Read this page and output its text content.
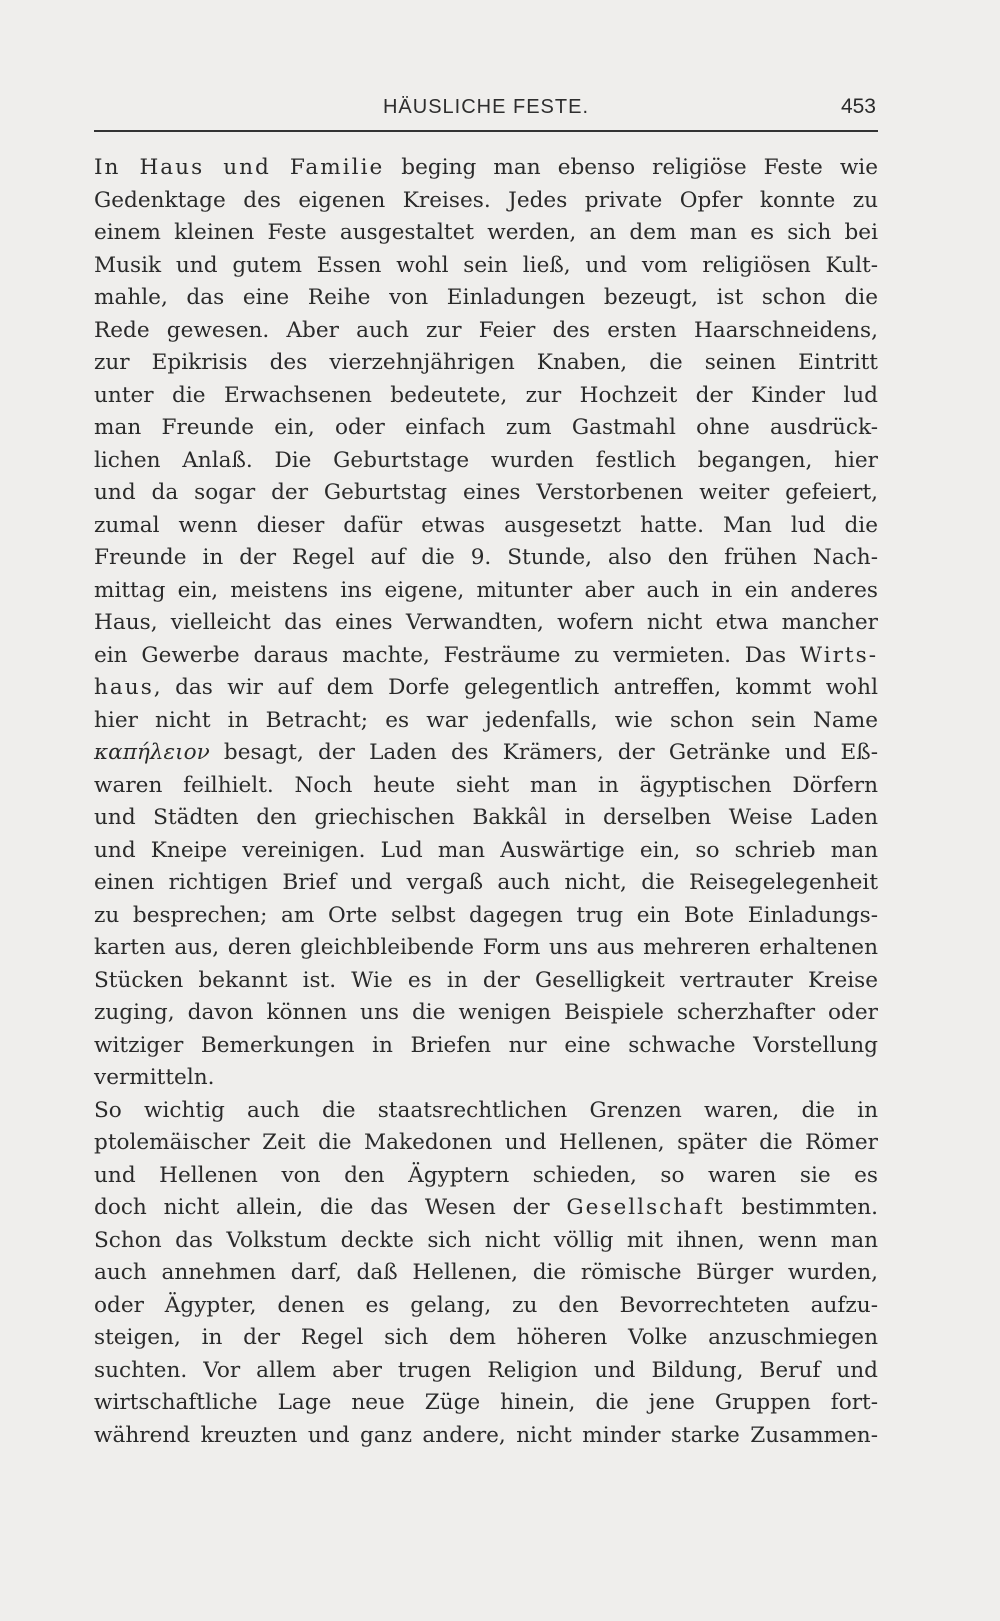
HÄUSLICHE FESTE.	453
In Haus und Familie beging man ebenso religiöse Feste wie
Gedenktage des eigenen Kreises. Jedes private Opfer konnte zu
einem kleinen Feste ausgestaltet werden, an dem man es sich bei
Musik und gutem Essen wohl sein ließ, und vom religiösen Kult-
mahle, das eine Reihe von Einladungen bezeugt, ist schon die
Rede gewesen. Aber auch zur Feier des ersten Haarschneidens,
zur Epikrisis des vierzehnjährigen Knaben, die seinen Eintritt
unter die Erwachsenen bedeutete, zur Hochzeit der Kinder lud
man Freunde ein, oder einfach zum Gastmahl ohne ausdrück-
lichen Anlaß. Die Geburtstage wurden festlich begangen, hier
und da sogar der Geburtstag eines Verstorbenen weiter gefeiert,
zumal wenn dieser dafür etwas ausgesetzt hatte. Man lud die
Freunde in der Regel auf die 9. Stunde, also den frühen Nach-
mittag ein, meistens ins eigene, mitunter aber auch in ein anderes
Haus, vielleicht das eines Verwandten, wofern nicht etwa mancher
ein Gewerbe daraus machte, Festräume zu vermieten. Das Wirts-
haus, das wir auf dem Dorfe gelegentlich antreffen, kommt wohl
hier nicht in Betracht; es war jedenfalls, wie schon sein Name
καπήλειον besagt, der Laden des Krämers, der Getränke und Eß-
waren feilhielt. Noch heute sieht man in ägyptischen Dörfern
und Städten den griechischen Bakkâl in derselben Weise Laden
und Kneipe vereinigen. Lud man Auswärtige ein, so schrieb man
einen richtigen Brief und vergaß auch nicht, die Reisegelegenheit
zu besprechen; am Orte selbst dagegen trug ein Bote Einladungs-
karten aus, deren gleichbleibende Form uns aus mehreren erhaltenen
Stücken bekannt ist. Wie es in der Geselligkeit vertrauter Kreise
zuging, davon können uns die wenigen Beispiele scherzhafter oder
witziger Bemerkungen in Briefen nur eine schwache Vorstellung
vermitteln.
So wichtig auch die staatsrechtlichen Grenzen waren, die in
ptolemäischer Zeit die Makedonen und Hellenen, später die Römer
und Hellenen von den Ägyptern schieden, so waren sie es
doch nicht allein, die das Wesen der Gesellschaft bestimmten.
Schon das Volkstum deckte sich nicht völlig mit ihnen, wenn man
auch annehmen darf, daß Hellenen, die römische Bürger wurden,
oder Ägypter, denen es gelang, zu den Bevorrechteten aufzu-
steigen, in der Regel sich dem höheren Volke anzuschmiegen
suchten. Vor allem aber trugen Religion und Bildung, Beruf und
wirtschaftliche Lage neue Züge hinein, die jene Gruppen fort-
während kreuzten und ganz andere, nicht minder starke Zusammen-
